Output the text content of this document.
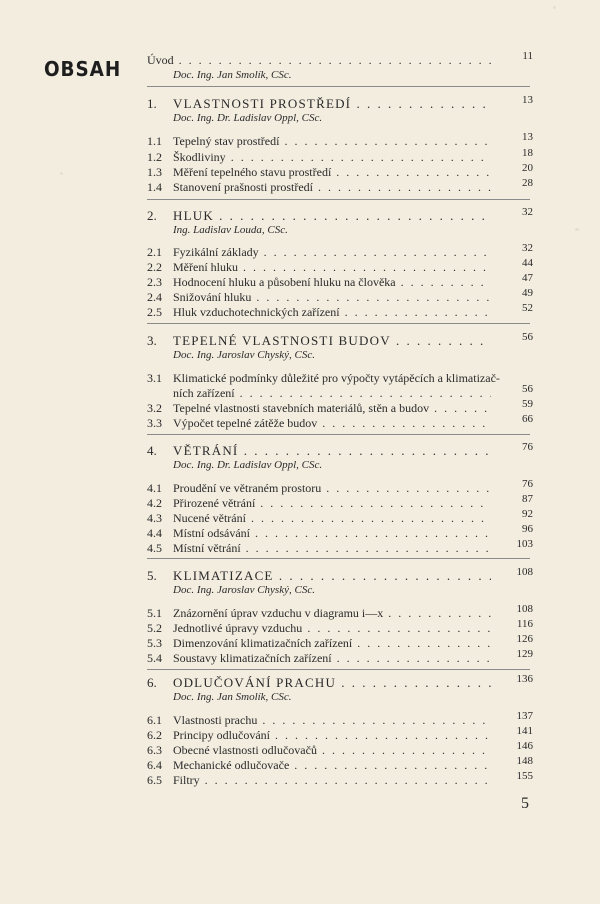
OBSAH Úvod . . .	11
Doc. Ing. Jan Smolík, CSc.
1. VLASTNOSTI PROSTŘEDÍ . . .	13
Doc. Ing. Dr. Ladislav Oppl, CSc.
1.1 Tepelný stav prostředí . . .	13
1.2 Škodliviny . . .	18
1.3 Měření tepelného stavu prostředí . . .	20
1.4 Stanovení prašnosti prostředí . . .	28
2. HLUK . . .	32
Ing. Ladislav Louda, CSc.
2.1 Fyzikální základy . . .	32
2.2 Měření hluku . . .	44
2.3 Hodnocení hluku a působení hluku na člověka . . .	47
2.4 Snižování hluku . . .	49
2.5 Hluk vzduchotechnických zařízení . . .	52
3. TEPELNÉ VLASTNOSTI BUDOV . . .	56
Doc. Ing. Jaroslav Chyský, CSc.
3.1 Klimatické podmínky důležité pro výpočty vytápěcích a klimatizač-
ních zařízení . . .	56
3.2 Tepelné vlastnosti stavebních materiálů, stěn a budov . . .	59
3.3 Výpočet tepelné zátěže budov . . .	66
4. VĚTRÁNÍ . . .	76
Doc. Ing. Dr. Ladislav Oppl, CSc.
4.1 Proudění ve větraném prostoru . . .	76
4.2 Přirozené větrání . . .	87
4.3 Nucené větrání . . .	92
4.4 Místní odsávání . . .	96
4.5 Místní větrání . . .	103
5. KLIMATIZACE . . .	108
Doc. Ing. Jaroslav Chyský, CSc.
5.1 Znázornění úprav vzduchu v diagramu i—x . . .	108
5.2 Jednotlivé úpravy vzduchu . . .	116
5.3 Dimenzování klimatizačních zařízení . . .	126
5.4 Soustavy klimatizačních zařízení . . .	129
6. ODLUČOVÁNÍ PRACHU . . .	136
Doc. Ing. Jan Smolík, CSc.
6.1 Vlastnosti prachu . . .	137
6.2 Principy odlučování . . .	141
6.3 Obecné vlastnosti odlučovačů . . .	146
6.4 Mechanické odlučovače . . .	148
6.5 Filtry . . .	155
5
